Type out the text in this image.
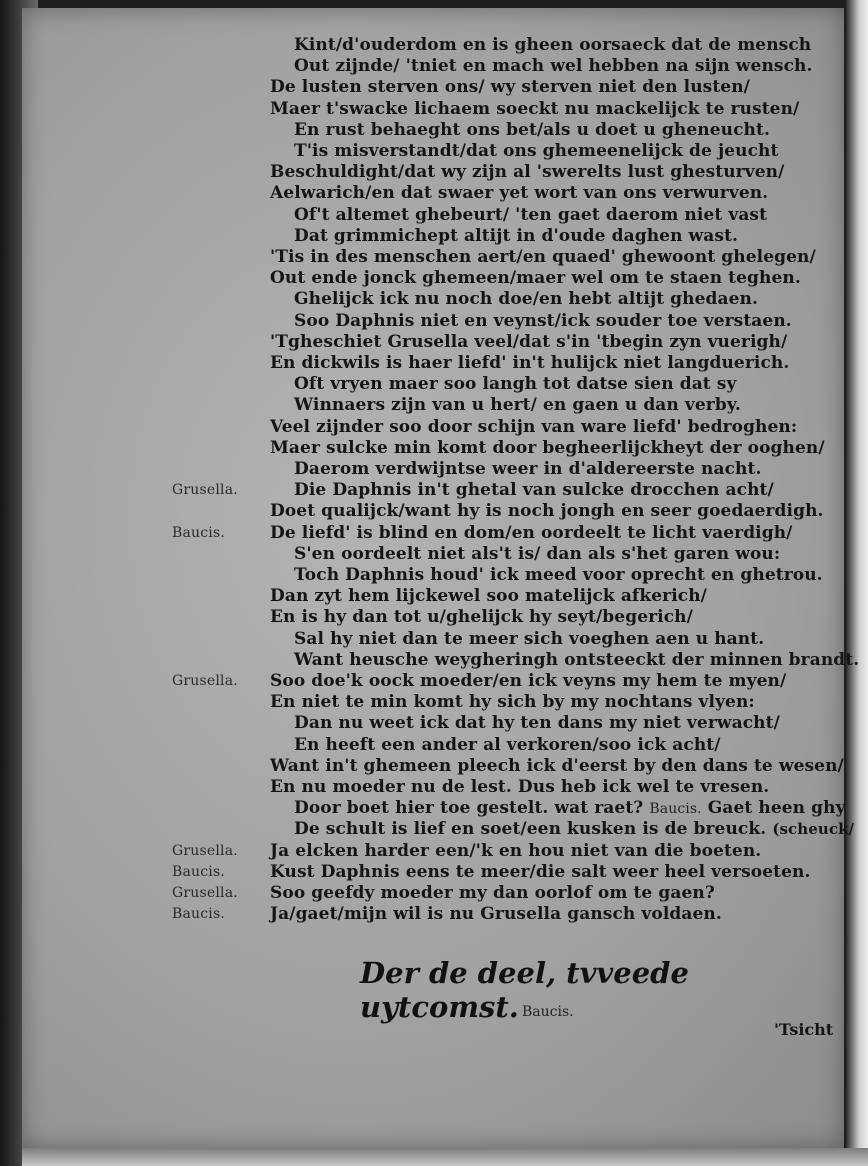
Kint/d'ouderdom en is gheen oorsaeck dat de mensch
Out zijnde/ 'tniet en mach wel hebben na sijn wensch.
De lusten sterven ons/ wy sterven niet den lusten/
Maer t'swacke lichaem soeckt nu mackelijck te rusten/
En rust behaeght ons bet/als u doet u gheneucht.
T'is misverstandt/dat ons ghemeenelijck de jeucht
Beschuldight/dat wy zijn al 'swerelts lust ghesturven/
Aelwarich/en dat swaer yet wort van ons verwurven.
Of't altemet ghebeurt/ 'ten gaet daerom niet vast
Dat grimmichept altijt in d'oude daghen wast.
'Tis in des menschen aert/en quaed' ghewoont ghelegen/
Out ende jonck ghemeen/maer wel om te staen teghen.
Ghelijck ick nu noch doe/en hebt altijt ghedaen.
Soo Daphnis niet en veynst/ick souder toe verstaen.
'Tgheschiet Grusella veel/dat s'in 'tbegin zyn vuerigh/
En dickwils is haer liefd' in't hulijck niet langduerich.
Oft vryen maer soo langh tot datse sien dat sy
Winnaers zijn van u hert/ en gaen u dan verby.
Veel zijnder soo door schijn van ware liefd' bedroghen:
Maer sulcke min komt door begheerlijckheyt der ooghen/
Daerom verdwijntse weer in d'aldereerste nacht.
Grusella.	Die Daphnis in't ghetal van sulcke drocchen acht/
Doet qualijck/want hy is noch jongh en seer goedaerdigh.
Baucis.	De liefd' is blind en dom/en oordeelt te licht vaerdigh/
S'en oordeelt niet als't is/ dan als s'het garen wou:
Toch Daphnis houd' ick meed voor oprecht en ghetrou.
Dan zyt hem lijckewel soo matelijck afkerich/
En is hy dan tot u/ghelijck hy seyt/begerich/
Sal hy niet dan te meer sich voeghen aen u hant.
Want heusche weygheringh ontsteeckt der minnen brandt.
Grusella. Soo doe'k oock moeder/en ick veyns my hem te myen/
En niet te min komt hy sich by my nochtans vlyen:
Dan nu weet ick dat hy ten dans my niet verwacht/
En heeft een ander al verkoren/soo ick acht/
Want in't ghemeen pleech ick d'eerst by den dans te wesen/
En nu moeder nu de lest. Dus heb ick wel te vresen.
Door boet hier toe gestelt. wat raet? Baucis. Gaet heen ghy
De schult is lief en soet/een kusken is de breuck. (scheuck/
Grusella. Ja elcken harder een/'k en hou niet van die boeten.
Baucis.	Kust Daphnis eens te meer/die salt weer heel versoeten.
Grusella. Soo geefdy moeder my dan oorlof om te gaen?
Baucis.	Ja/gaet/mijn wil is nu Grusella gansch voldaen.
Der de deel, tvveede uytcomst. Baucis.
'Tsicht
